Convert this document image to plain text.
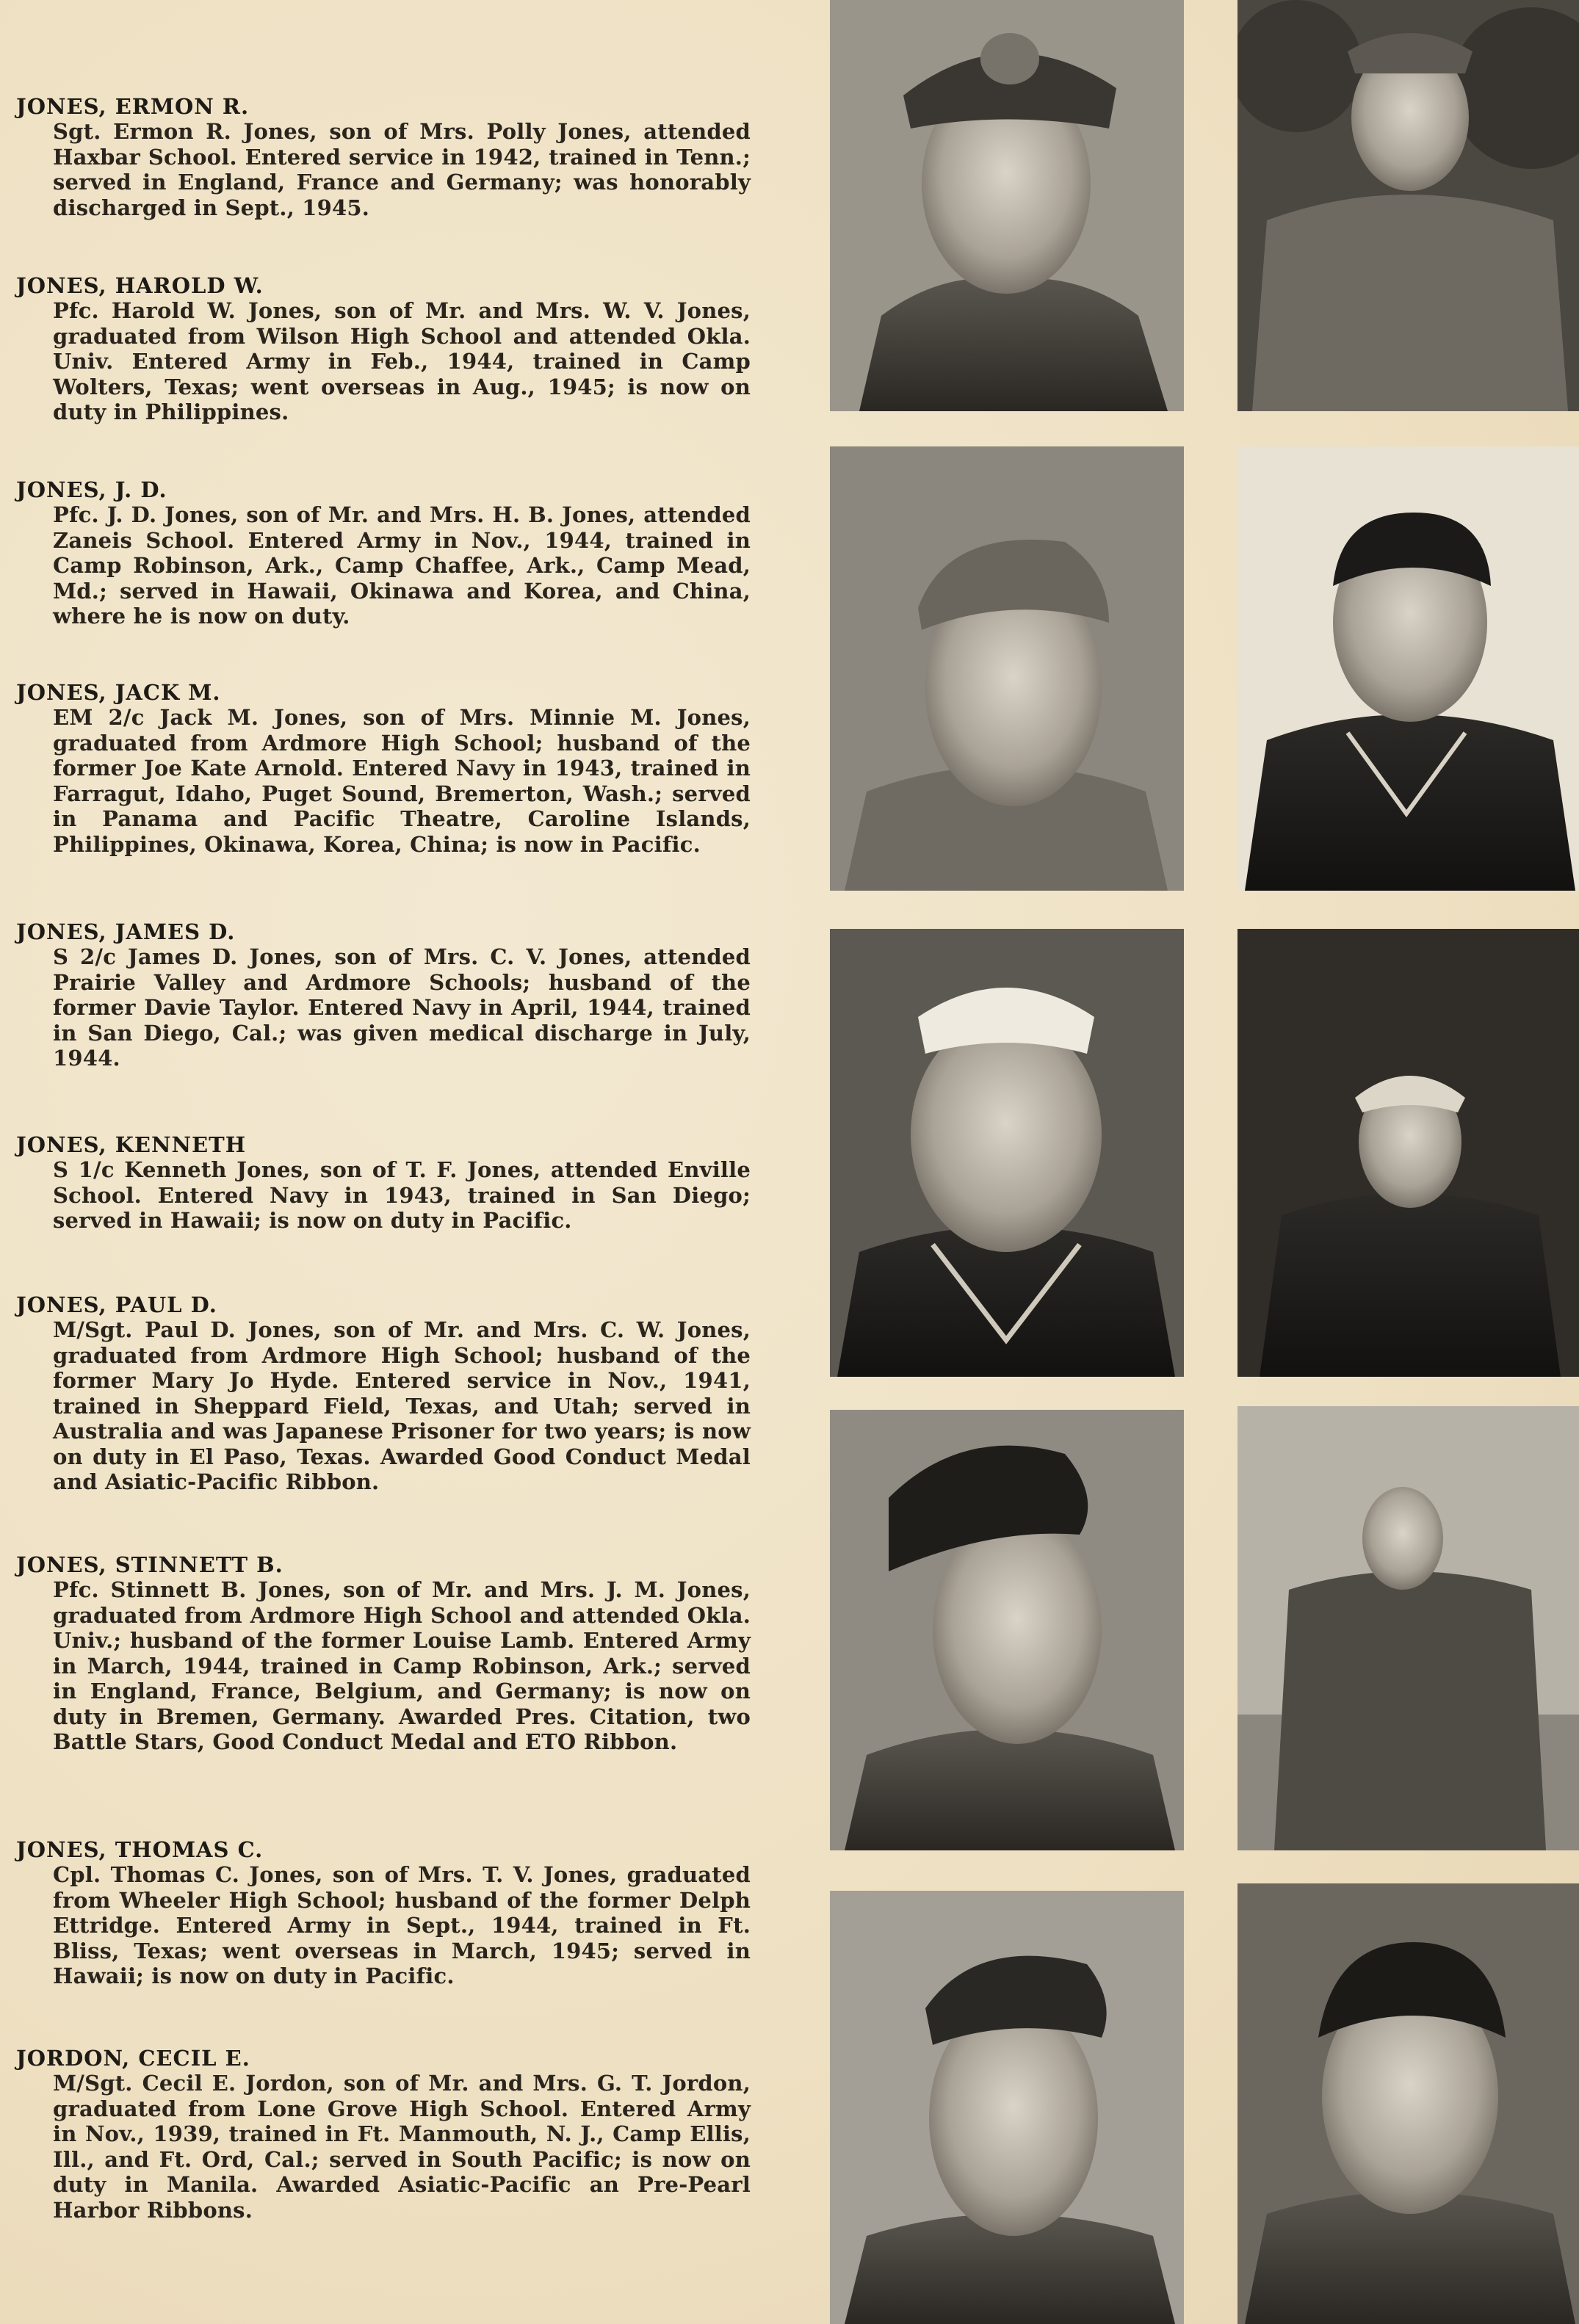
JONES, ERMON R.

Sgt. Ermon R. Jones, son of Mrs. Polly Jones, attended Haxbar School. Entered service in 1942, trained in Tenn.; served in England, France and Germany; was honorably discharged in Sept., 1945.

JONES, HAROLD W.

Pfc. Harold W. Jones, son of Mr. and Mrs. W. V. Jones, graduated from Wilson High School and attended Okla. Univ. Entered Army in Feb., 1944, trained in Camp Wolters, Texas; went overseas in Aug., 1945; is now on duty in Philippines.

JONES, J. D.

Pfc. J. D. Jones, son of Mr. and Mrs. H. B. Jones, attended Zaneis School. Entered Army in Nov., 1944, trained in Camp Robinson, Ark., Camp Chaffee, Ark., Camp Mead, Md.; served in Hawaii, Okinawa and Korea, and China, where he is now on duty.

JONES, JACK M.

EM 2/c Jack M. Jones, son of Mrs. Minnie M. Jones, graduated from Ardmore High School; husband of the former Joe Kate Arnold. Entered Navy in 1943, trained in Farragut, Idaho, Puget Sound, Bremerton, Wash.; served in Panama and Pacific Theatre, Caroline Islands, Philippines, Okinawa, Korea, China; is now in Pacific.

JONES, JAMES D.

S 2/c James D. Jones, son of Mrs. C. V. Jones, attended Prairie Valley and Ardmore Schools; husband of the former Davie Taylor. Entered Navy in April, 1944, trained in San Diego, Cal.; was given medical discharge in July, 1944.

JONES, KENNETH

S 1/c Kenneth Jones, son of T. F. Jones, attended Enville School. Entered Navy in 1943, trained in San Diego; served in Hawaii; is now on duty in Pacific.

JONES, PAUL D.

M/Sgt. Paul D. Jones, son of Mr. and Mrs. C. W. Jones, graduated from Ardmore High School; husband of the former Mary Jo Hyde. Entered service in Nov., 1941, trained in Sheppard Field, Texas, and Utah; served in Australia and was Japanese Prisoner for two years; is now on duty in El Paso, Texas. Awarded Good Conduct Medal and Asiatic-Pacific Ribbon.

JONES, STINNETT B.

Pfc. Stinnett B. Jones, son of Mr. and Mrs. J. M. Jones, graduated from Ardmore High School and attended Okla. Univ.; husband of the former Louise Lamb. Entered Army in March, 1944, trained in Camp Robinson, Ark.; served in England, France, Belgium, and Germany; is now on duty in Bremen, Germany. Awarded Pres. Citation, two Battle Stars, Good Conduct Medal and ETO Ribbon.

JONES, THOMAS C.

Cpl. Thomas C. Jones, son of Mrs. T. V. Jones, graduated from Wheeler High School; husband of the former Delph Ettridge. Entered Army in Sept., 1944, trained in Ft. Bliss, Texas; went overseas in March, 1945; served in Hawaii; is now on duty in Pacific.

JORDON, CECIL E.

M/Sgt. Cecil E. Jordon, son of Mr. and Mrs. G. T. Jordon, graduated from Lone Grove High School. Entered Army in Nov., 1939, trained in Ft. Manmouth, N. J., Camp Ellis, Ill., and Ft. Ord, Cal.; served in South Pacific; is now on duty in Manila. Awarded Asiatic-Pacific an Pre-Pearl Harbor Ribbons.
